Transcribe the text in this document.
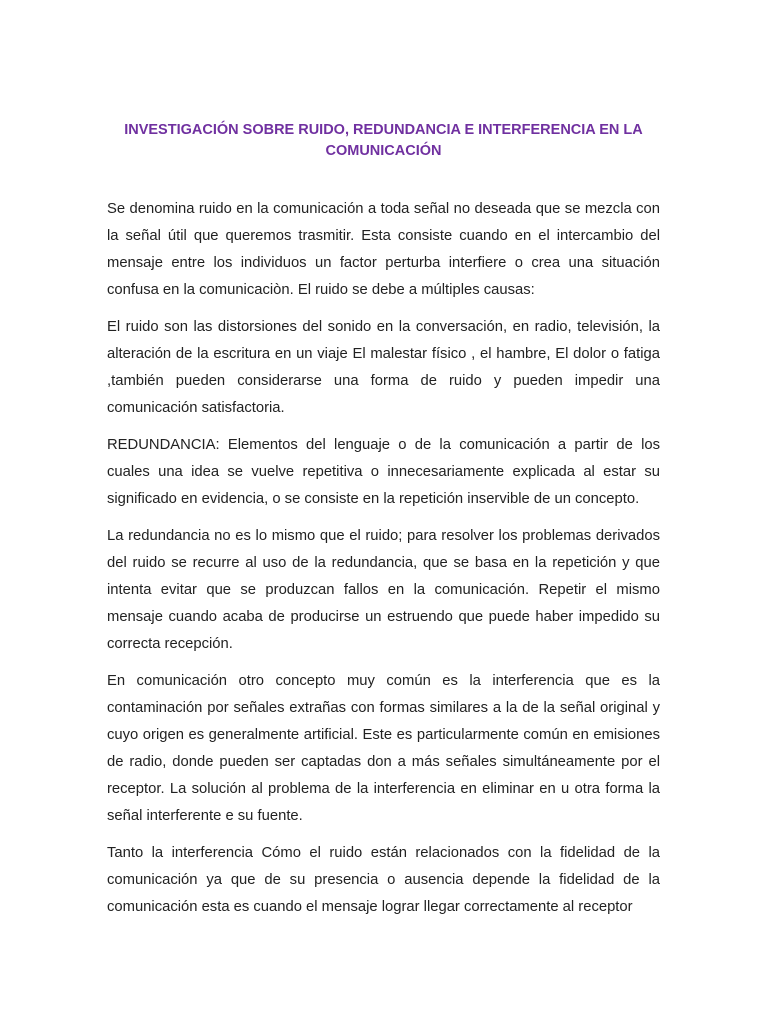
INVESTIGACIÓN SOBRE RUIDO, REDUNDANCIA E INTERFERENCIA EN LA COMUNICACIÓN

Se denomina ruido en la comunicación a toda señal no deseada que se mezcla con la señal útil que queremos trasmitir. Esta consiste cuando en el intercambio del mensaje entre los individuos un factor perturba interfiere o crea una situación confusa en la comunicaciòn. El ruido se debe a múltiples causas:

El ruido son las distorsiones del sonido en la conversación, en radio, televisión, la alteración de la escritura en un viaje El malestar físico , el hambre, El dolor o fatiga ,también pueden considerarse una forma de ruido y pueden impedir una comunicación satisfactoria.

REDUNDANCIA: Elementos del lenguaje o de la comunicación a partir de los cuales una idea se vuelve repetitiva o innecesariamente explicada al estar su significado en evidencia, o se consiste en la repetición inservible de un concepto.

La redundancia no es lo mismo que el ruido; para resolver los problemas derivados del ruido se recurre al uso de la redundancia, que se basa en la repetición y que intenta evitar que se produzcan fallos en la comunicación. Repetir el mismo mensaje cuando acaba de producirse un estruendo que puede haber impedido su correcta recepción.

En comunicación otro concepto muy común es la interferencia que es la contaminación por señales extrañas con formas similares a la de la señal original y cuyo origen es generalmente artificial. Este es particularmente común en emisiones de radio, donde pueden ser captadas don a más señales simultáneamente por el receptor. La solución al problema de la interferencia en eliminar en u otra forma la señal interferente e su fuente.

Tanto la interferencia Cómo el ruido están relacionados con la fidelidad de la comunicación ya que de su presencia o ausencia depende la fidelidad de la comunicación esta es cuando el mensaje lograr llegar correctamente al receptor
